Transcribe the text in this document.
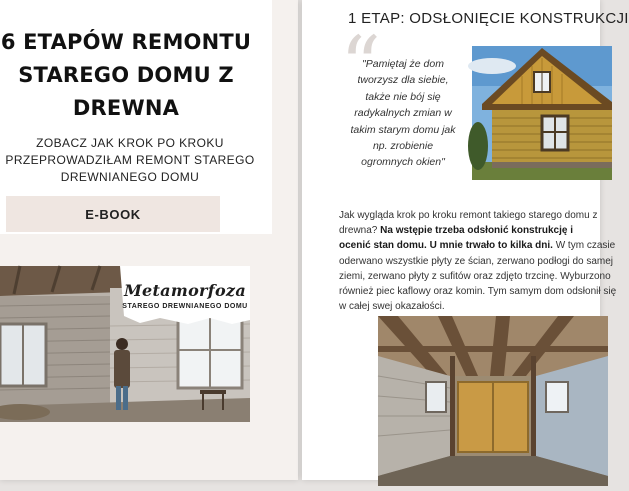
6 ETAPÓW REMONTU
STAREGO DOMU Z
DREWNA

ZOBACZ JAK KROK PO KROKU
PRZEPROWADZIŁAM REMONT STAREGO
DREWNIANEGO DOMU

E-BOOK

Metamorfoza

STAREGO DREWNIANEGO DOMU
1 ETAP: ODSŁONIĘCIE KONSTRUKCJI
“

"Pamiętaj że dom
tworzysz dla siebie,
także nie bój się
radykalnych zmian w
takim starym domu jak
np. zrobienie
ogromnych okien"

Jak wygląda krok po kroku remont takiego starego domu z
drewna? Na wstępie trzeba odsłonić konstrukcję i
ocenić stan domu. U mnie trwało to kilka dni. W tym czasie
oderwano wszystkie płyty ze ścian, zerwano podłogi do samej
ziemi, zerwano płyty z sufitów oraz zdjęto trzcinę. Wyburzono
również piec kaflowy oraz komin. Tym samym dom odsłonił się
w całej swej okazałości.
